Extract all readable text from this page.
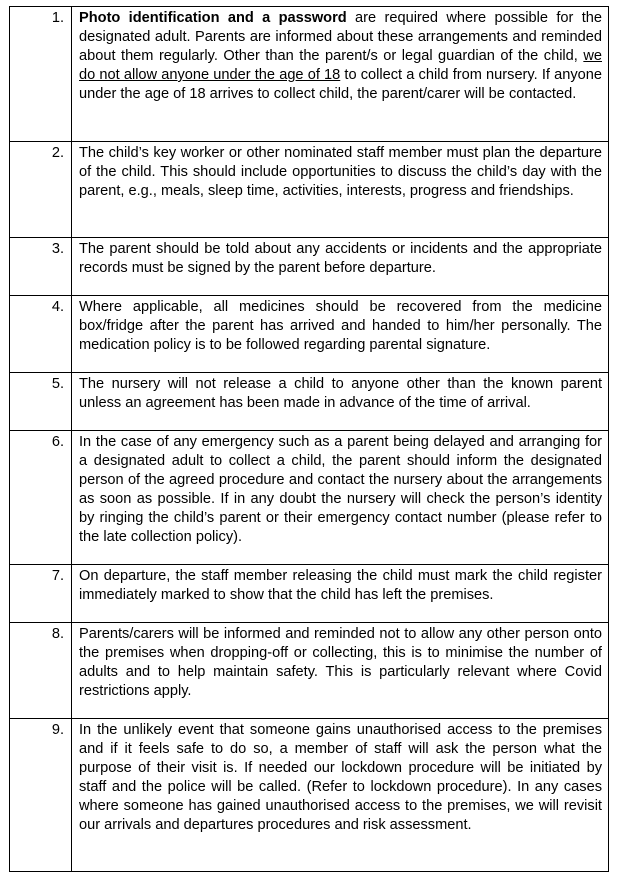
1.	Photo identification and a password are required where possible for the designated adult. Parents are informed about these arrangements and reminded about them regularly. Other than the parent/s or legal guardian of the child, we do not allow anyone under the age of 18 to collect a child from nursery. If anyone under the age of 18 arrives to collect child, the parent/carer will be contacted.
2.	The child’s key worker or other nominated staff member must plan the departure of the child. This should include opportunities to discuss the child’s day with the parent, e.g., meals, sleep time, activities, interests, progress and friendships.
3.	The parent should be told about any accidents or incidents and the appropriate records must be signed by the parent before departure.
4.	Where applicable, all medicines should be recovered from the medicine box/fridge after the parent has arrived and handed to him/her personally. The medication policy is to be followed regarding parental signature.
5.	The nursery will not release a child to anyone other than the known parent unless an agreement has been made in advance of the time of arrival.
6.	In the case of any emergency such as a parent being delayed and arranging for a designated adult to collect a child, the parent should inform the designated person of the agreed procedure and contact the nursery about the arrangements as soon as possible. If in any doubt the nursery will check the person’s identity by ringing the child’s parent or their emergency contact number (please refer to the late collection policy).
7.	On departure, the staff member releasing the child must mark the child register immediately marked to show that the child has left the premises.
8.	Parents/carers will be informed and reminded not to allow any other person onto the premises when dropping-off or collecting, this is to minimise the number of adults and to help maintain safety. This is particularly relevant where Covid restrictions apply.
9.	In the unlikely event that someone gains unauthorised access to the premises and if it feels safe to do so, a member of staff will ask the person what the purpose of their visit is. If needed our lockdown procedure will be initiated by staff and the police will be called. (Refer to lockdown procedure). In any cases where someone has gained unauthorised access to the premises, we will revisit our arrivals and departures procedures and risk assessment.
